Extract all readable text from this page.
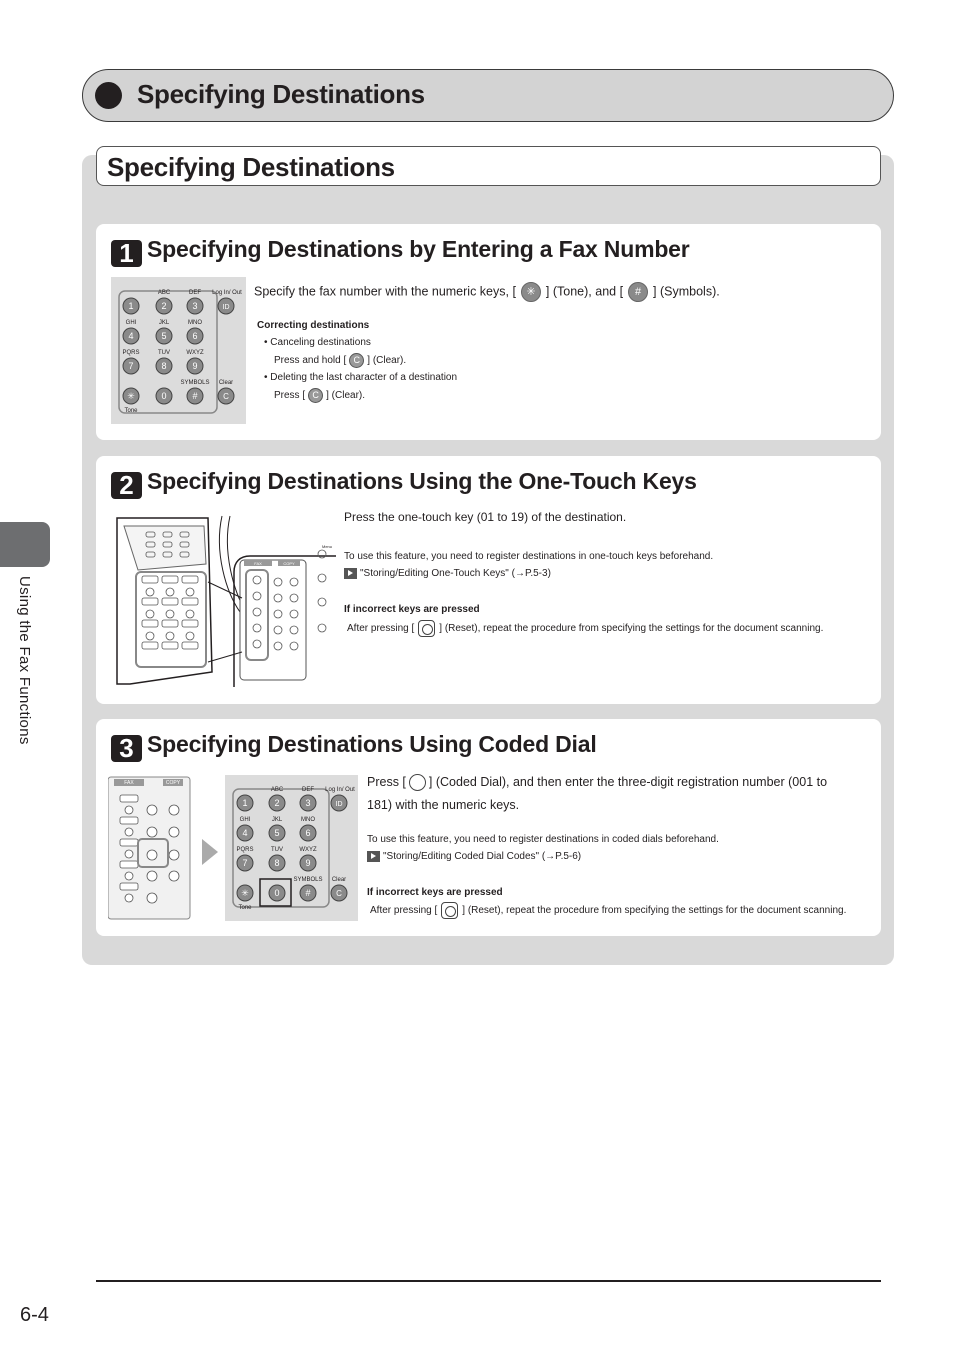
Specifying Destinations
Using the Fax Functions
Specifying Destinations
1 Specifying Destinations by Entering a Fax Number
1	2	3	ID
4	5	6
7	8	9
✳	0	#	C
ABC	DEF
GHI	JKL	MNO
PQRS	TUV	WXYZ
Log In/ Out
SYMBOLS Clear
Tone
Specify the fax number with the numeric keys, [ ✳ ] (Tone), and [ # ] (Symbols).
Correcting destinations
• Canceling destinations
Press and hold [ C ] (Clear).
• Deleting the last character of a destination
Press [ C ] (Clear).
2 Specifying Destinations Using the One-Touch Keys
FAX	COPY
Menu
Press the one-touch key (01 to 19) of the destination.
To use this feature, you need to register destinations in one-touch keys beforehand.
"Storing/Editing One-Touch Keys" (→P.5-3)
If incorrect keys are pressed
After pressing [	] (Reset), repeat the procedure from specifying the settings for the document scanning.
3 Specifying Destinations Using Coded Dial
FAX	COPY
1	2	3	ID
4	5	6
7	8	9
✳	0	#	C
ABC	DEF
GHI	JKL	MNO
PQRS	TUV	WXYZ
Log In/ Out
SYMBOLS Clear
Tone
Press [ ] (Coded Dial), and then enter the three-digit registration number (001 to
181) with the numeric keys.
To use this feature, you need to register destinations in coded dials beforehand.
"Storing/Editing Coded Dial Codes" (→P.5-6)
If incorrect keys are pressed
After pressing [	] (Reset), repeat the procedure from specifying the settings for the document scanning.
6-4
